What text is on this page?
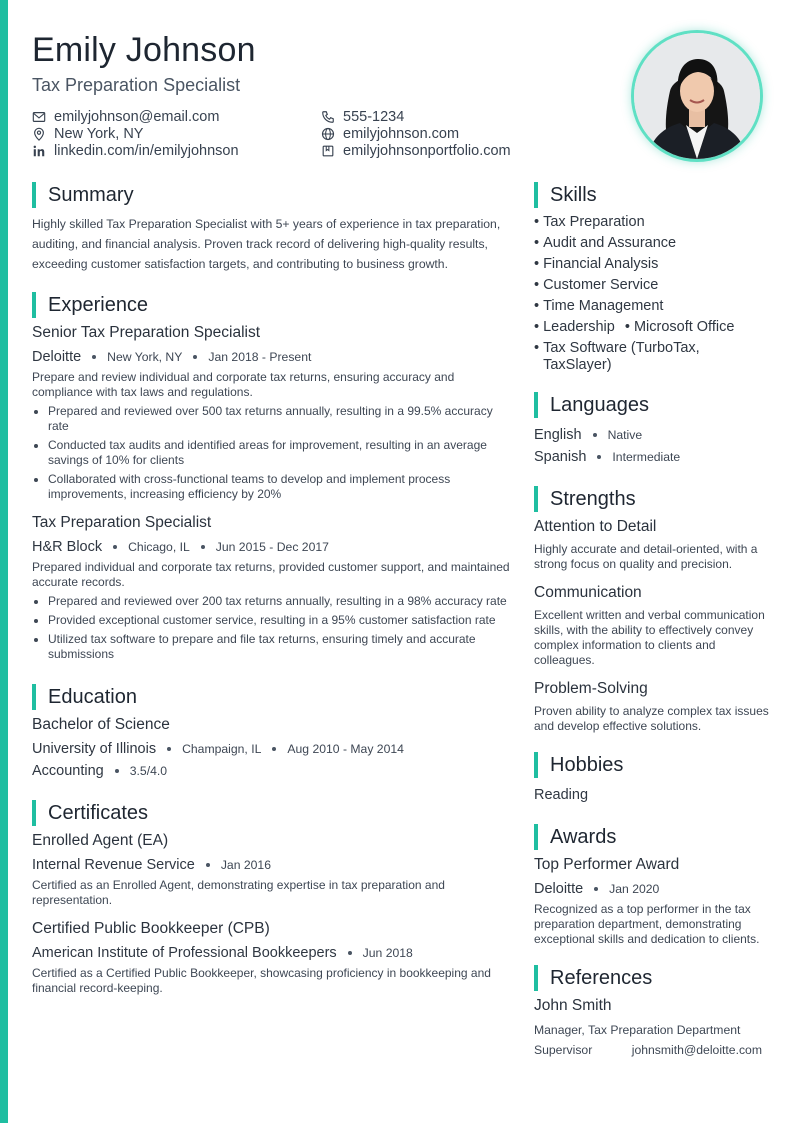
Emily Johnson
Tax Preparation Specialist
emilyjohnson@email.com
New York, NY
linkedin.com/in/emilyjohnson
555-1234
emilyjohnson.com
emilyjohnsonportfolio.com
Summary
Highly skilled Tax Preparation Specialist with 5+ years of experience in tax preparation, auditing, and financial analysis. Proven track record of delivering high-quality results, exceeding customer satisfaction targets, and contributing to business growth.
Experience
Senior Tax Preparation Specialist
Deloitte New York, NY Jan 2018 - Present
Prepare and review individual and corporate tax returns, ensuring accuracy and compliance with tax laws and regulations.
Prepared and reviewed over 500 tax returns annually, resulting in a 99.5% accuracy rate
Conducted tax audits and identified areas for improvement, resulting in an average savings of 10% for clients
Collaborated with cross-functional teams to develop and implement process improvements, increasing efficiency by 20%
Tax Preparation Specialist
H&R Block Chicago, IL Jun 2015 - Dec 2017
Prepared individual and corporate tax returns, provided customer support, and maintained accurate records.
Prepared and reviewed over 200 tax returns annually, resulting in a 98% accuracy rate
Provided exceptional customer service, resulting in a 95% customer satisfaction rate
Utilized tax software to prepare and file tax returns, ensuring timely and accurate submissions
Education
Bachelor of Science
University of Illinois Champaign, IL Aug 2010 - May 2014
Accounting 3.5/4.0
Certificates
Enrolled Agent (EA)
Internal Revenue Service Jan 2016
Certified as an Enrolled Agent, demonstrating expertise in tax preparation and representation.
Certified Public Bookkeeper (CPB)
American Institute of Professional Bookkeepers Jun 2018
Certified as a Certified Public Bookkeeper, showcasing proficiency in bookkeeping and financial record-keeping.
Skills
• Tax Preparation
• Audit and Assurance
• Financial Analysis
• Customer Service
• Time Management
• Leadership • Microsoft Office

• Tax Software (TurboTax, TaxSlayer)
Languages
English Native
Spanish Intermediate
Strengths
Attention to Detail
Highly accurate and detail-oriented, with a strong focus on quality and precision.
Communication
Excellent written and verbal communication skills, with the ability to effectively convey complex information to clients and colleagues.
Problem-Solving
Proven ability to analyze complex tax issues and develop effective solutions.
Hobbies
Reading
Awards
Top Performer Award
Deloitte Jan 2020
Recognized as a top performer in the tax preparation department, demonstrating exceptional skills and dedication to clients.
References
John Smith
Manager, Tax Preparation Department
Supervisor	johnsmith@deloitte.com
